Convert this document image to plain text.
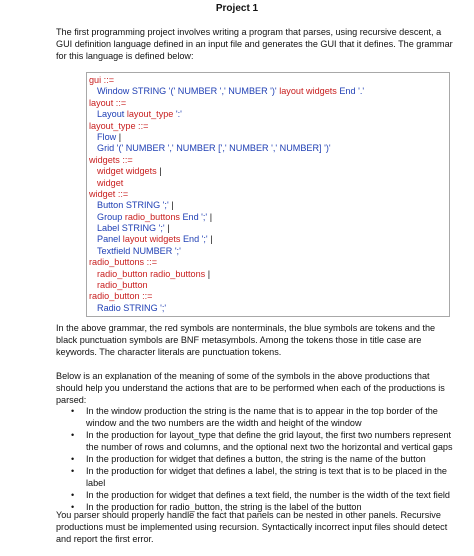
Project 1
The first programming project involves writing a program that parses, using recursive descent, a GUI definition language defined in an input file and generates the GUI that it defines. The grammar for this language is defined below:
gui ::=
Window STRING '(' NUMBER ',' NUMBER ')' layout widgets End '.'
layout ::=
Layout layout_type ':'
layout_type ::=
Flow |
Grid '(' NUMBER ',' NUMBER [',' NUMBER ',' NUMBER] ')'
widgets ::=
widget widgets |
widget
widget ::=
Button STRING ';' |
Group radio_buttons End ';' |
Label STRING ';' |
Panel layout widgets End ';' |
Textfield NUMBER ';'
radio_buttons ::=
radio_button radio_buttons |
radio_button
radio_button ::=
Radio STRING ';'
In the above grammar, the red symbols are nonterminals, the blue symbols are tokens and the black punctuation symbols are BNF metasymbols. Among the tokens those in title case are keywords. The character literals are punctuation tokens.
Below is an explanation of the meaning of some of the symbols in the above productions that should help you understand the actions that are to be performed when each of the productions is parsed:
•	In the window production the string is the name that is to appear in the top border of the window and the two numbers are the width and height of the window
•	In the production for layout_type that define the grid layout, the first two numbers represent the number of rows and columns, and the optional next two the horizontal and vertical gaps
•	In the production for widget that defines a button, the string is the name of the button
•	In the production for widget that defines a label, the string is text that is to be placed in the label
•	In the production for widget that defines a text field, the number is the width of the text field
•	In the production for radio_button, the string is the label of the button
You parser should properly handle the fact that panels can be nested in other panels. Recursive productions must be implemented using recursion. Syntactically incorrect input files should detect and report the first error.
